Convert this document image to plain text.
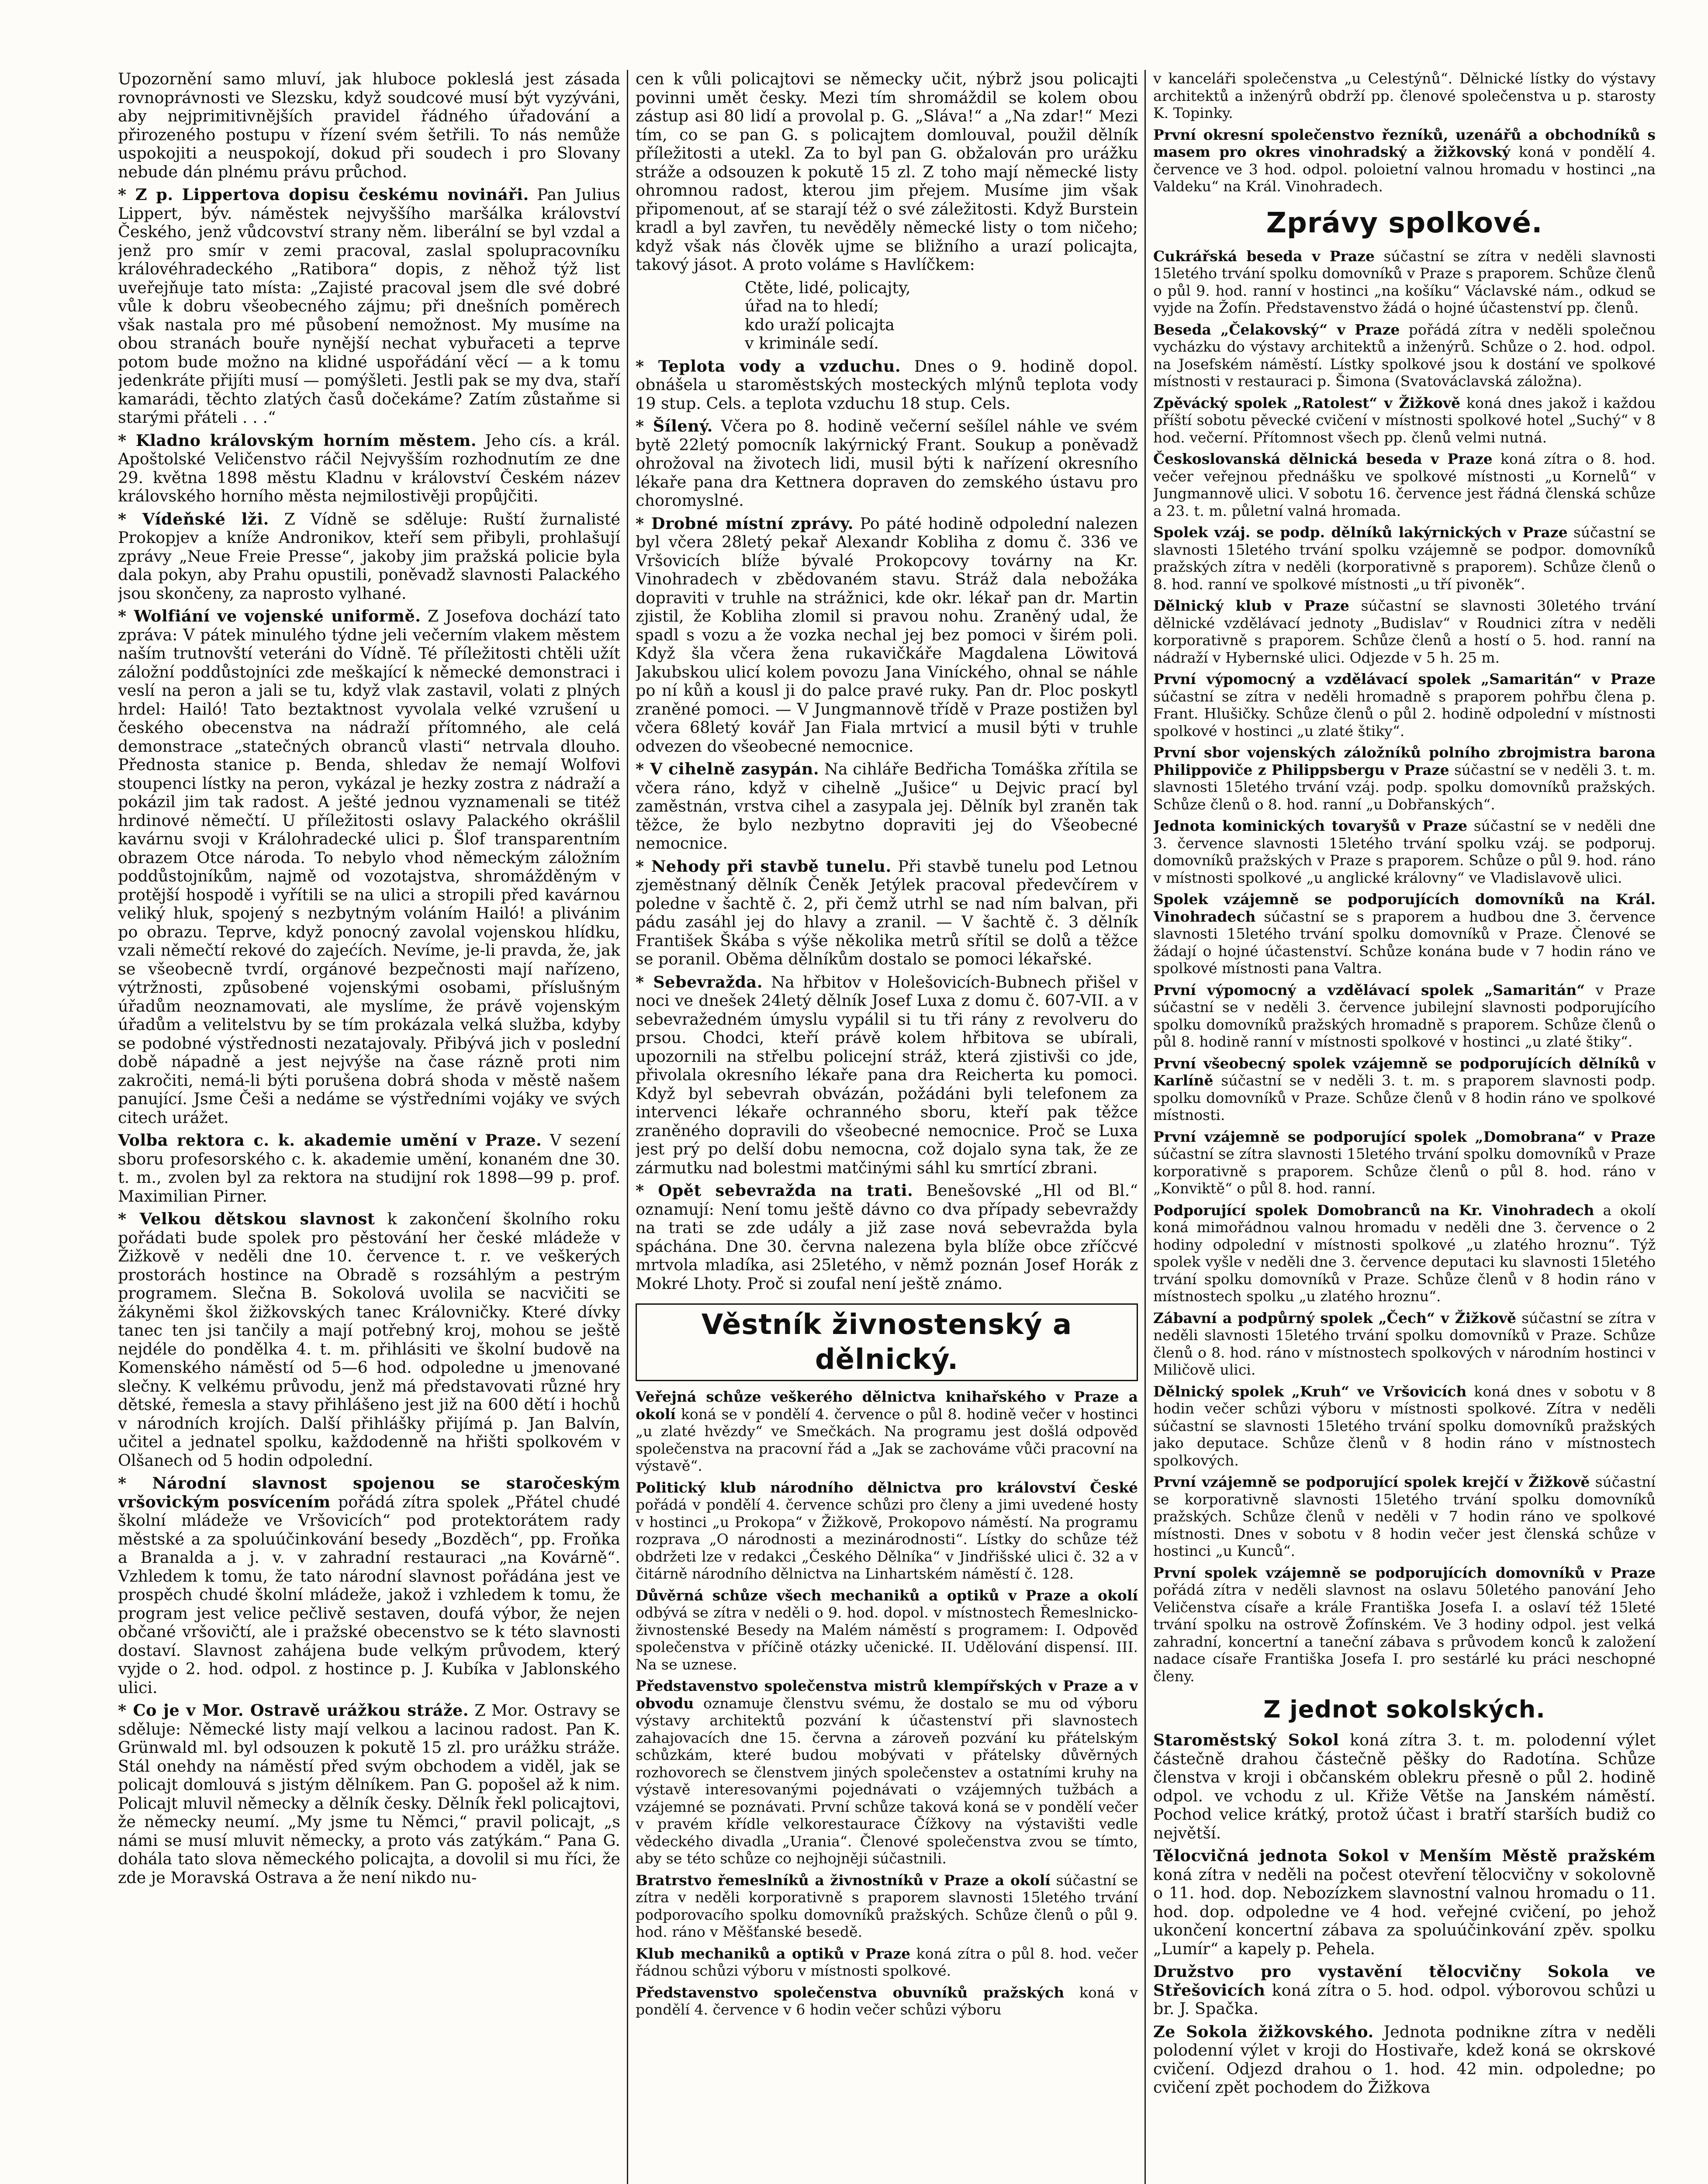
Upozornění samo mluví, jak hluboce pokleslá jest zásada rovnoprávnosti ve Slezsku, když soudcové musí být vyzýváni, aby nejprimitivnějších pravidel řádného úřadování a přirozeného postupu v řízení svém šetřili. To nás nemůže uspokojiti a neuspokojí, dokud při soudech i pro Slovany nebude dán plnému právu průchod.

* Z p. Lippertova dopisu českému novináři. Pan Julius Lippert, býv. náměstek nejvyššího maršálka království Českého, jenž vůdcovství strany něm. liberální se byl vzdal a jenž pro smír v zemi pracoval, zaslal spolupracovníku královéhradeckého „Ratibora“ dopis, z něhož týž list uveřejňuje tato místa: „Zajisté pracoval jsem dle své dobré vůle k dobru všeobecného zájmu; při dnešních poměrech však nastala pro mé působení nemožnost. My musíme na obou stranách bouře nynější nechat vybuřaceti a teprve potom bude možno na klidné uspořádání věcí — a k tomu jedenkráte přijíti musí — pomýšleti. Jestli pak se my dva, staří kamarádi, těchto zlatých časů dočekáme? Zatím zůstaňme si starými přáteli . . .“

* Kladno královským horním městem. Jeho cís. a král. Apoštolské Veličenstvo ráčil Nejvyšším rozhodnutím ze dne 29. května 1898 městu Kladnu v království Českém název královského horního města nejmilostivěji propůjčiti.

* Vídeňské lži. Z Vídně se sděluje: Ruští žurnalisté Prokopjev a kníže Andronikov, kteří sem přibyli, prohlašují zprávy „Neue Freie Presse“, jakoby jim pražská policie byla dala pokyn, aby Prahu opustili, poněvadž slavnosti Palackého jsou skončeny, za naprosto vylhané.

* Wolfiání ve vojenské uniformě. Z Josefova dochází tato zpráva: V pátek minulého týdne jeli večerním vlakem městem naším trutnovští veteráni do Vídně. Té příležitosti chtěli užít záložní poddůstojníci zde meškající k německé demonstraci i veslí na peron a jali se tu, když vlak zastavil, volati z plných hrdel: Hailó! Tato beztaktnost vyvolala velké vzrušení u českého obecenstva na nádraží přítomného, ale celá demonstrace „statečných obranců vlasti“ netrvala dlouho. Přednosta stanice p. Benda, shledav že nemají Wolfovi stoupenci lístky na peron, vykázal je hezky zostra z nádraží a pokázil jim tak radost. A ješté jednou vyznamenali se titéž hrdinové němečtí. U příležitosti oslavy Palackého okrášlil kavárnu svoji v Králohradecké ulici p. Šlof transparentním obrazem Otce národa. To nebylo vhod německým záložním poddůstojníkům, najmě od vozotajstva, shromážděným v protější hospodě i vyřítili se na ulici a stropili před kavárnou veliký hluk, spojený s nezbytným voláním Hailó! a plivánim po obrazu. Teprve, když ponocný zavolal vojenskou hlídku, vzali němečtí rekové do zajećích. Nevíme, je-li pravda, že, jak se všeobecně tvrdí, orgánové bezpečnosti mají nařízeno, výtržnosti, způsobené vojenskými osobami, příslušným úřadům neoznamovati, ale myslíme, že právě vojenským úřadům a velitelstvu by se tím prokázala velká služba, kdyby se podobné výstřednosti nezatajovaly. Přibývá jich v poslední době nápadně a jest nejvýše na čase rázně proti nim zakročiti, nemá-li býti porušena dobrá shoda v městě našem panující. Jsme Češi a nedáme se výstředními vojáky ve svých citech urážet.

Volba rektora c. k. akademie umění v Praze. V sezení sboru profesorského c. k. akademie umění, konaném dne 30. t. m., zvolen byl za rektora na studijní rok 1898—99 p. prof. Maximilian Pirner.

* Velkou dětskou slavnost k zakončení školního roku pořádati bude spolek pro pěstování her české mládeže v Žižkově v neděli dne 10. července t. r. ve veškerých prostorách hostince na Obradě s rozsáhlým a pestrým programem. Slečna B. Sokolová uvolila se nacvičiti se žákyněmi škol žižkovských tanec Královničky. Které dívky tanec ten jsi tančily a mají potřebný kroj, mohou se ještě nejdéle do pondělka 4. t. m. přihlásiti ve školní budově na Komenského náměstí od 5—6 hod. odpoledne u jmenované slečny. K velkému průvodu, jenž má představovati různé hry dětské, řemesla a stavy přihlášeno jest již na 600 dětí i hochů v národních krojích. Další přihlášky přijímá p. Jan Balvín, učitel a jednatel spolku, každodenně na hřišti spolkovém v Olšanech od 5 hodin odpolední.

* Národní slavnost spojenou se staročeským vršovickým posvícením pořádá zítra spolek „Přátel chudé školní mládeže ve Vršovicích“ pod protektorátem rady městské a za spoluúčinkování besedy „Bozděch“, pp. Froňka a Branalda a j. v. v zahradní restauraci „na Kovárně“. Vzhledem k tomu, že tato národní slavnost pořádána jest ve prospěch chudé školní mládeže, jakož i vzhledem k tomu, že program jest velice pečlivě sestaven, doufá výbor, že nejen občané vršovičtí, ale i pražské obecenstvo se k této slavnosti dostaví. Slavnost zahájena bude velkým průvodem, který vyjde o 2. hod. odpol. z hostince p. J. Kubíka v Jablonského ulici.

* Co je v Mor. Ostravě urážkou stráže. Z Mor. Ostravy se sděluje: Německé listy mají velkou a lacinou radost. Pan K. Grünwald ml. byl odsouzen k pokutě 15 zl. pro urážku stráže. Stál onehdy na náměstí před svým obchodem a viděl, jak se policajt domlouvá s jistým dělníkem. Pan G. popošel až k nim. Policajt mluvil německy a dělník česky. Dělník řekl policajtovi, že německy neumí. „My jsme tu Němci,“ pravil policajt, „s námi se musí mluvit německy, a proto vás zatýkám.“ Pana G. dohála tato slova německého policajta, a dovolil si mu říci, že zde je Moravská Ostrava a že není nikdo nu-

cen k vůli policajtovi se německy učit, nýbrž jsou policajti povinni umět česky. Mezi tím shromáždil se kolem obou zástup asi 80 lidí a provolal p. G. „Sláva!“ a „Na zdar!“ Mezi tím, co se pan G. s policajtem domlouval, použil dělník příležitosti a utekl. Za to byl pan G. obžalován pro urážku stráže a odsouzen k pokutě 15 zl. Z toho mají německé listy ohromnou radost, kterou jim přejem. Musíme jim však připomenout, ať se starají též o své záležitosti. Když Burstein kradl a byl zavřen, tu nevěděly německé listy o tom ničeho; když však nás člověk ujme se bližního a urazí policajta, takový jásot. A proto voláme s Havlíčkem:

Ctěte, lidé, policajty,
úřad na to hledí;
kdo uraží policajta
v kriminále sedí.

* Teplota vody a vzduchu. Dnes o 9. hodině dopol. obnášela u staroměstských mosteckých mlýnů teplota vody 19 stup. Cels. a teplota vzduchu 18 stup. Cels.

* Šílený. Včera po 8. hodině večerní sešílel náhle ve svém bytě 22letý pomocník lakýrnický Frant. Soukup a poněvadž ohrožoval na životech lidi, musil býti k nařízení okresního lékaře pana dra Kettnera dopraven do zemského ústavu pro choromyslné.

* Drobné místní zprávy. Po páté hodině odpolední nalezen byl včera 28letý pekař Alexandr Kobliha z domu č. 336 ve Vršovicích blíže bývalé Prokopcovy továrny na Kr. Vinohradech v zbědovaném stavu. Stráž dala nebožáka dopraviti v truhle na strážnici, kde okr. lékař pan dr. Martin zjistil, že Kobliha zlomil si pravou nohu. Zraněný udal, že spadl s vozu a že vozka nechal jej bez pomoci v širém poli. Když šla včera žena rukavičkáře Magdalena Löwitová Jakubskou ulicí kolem povozu Jana Viníckého, ohnal se náhle po ní kůň a kousl ji do palce pravé ruky. Pan dr. Ploc poskytl zraněné pomoci. — V Jungmannově třídě v Praze postižen byl včera 68letý kovář Jan Fiala mrtvicí a musil býti v truhle odvezen do všeobecné nemocnice.

* V cihelně zasypán. Na cihláře Bedřicha Tomáška zřítila se včera ráno, když v cihelně „Jušice“ u Dejvic prací byl zaměstnán, vrstva cihel a zasypala jej. Dělník byl zraněn tak těžce, že bylo nezbytno dopraviti jej do Všeobecné nemocnice.

* Nehody při stavbě tunelu. Při stavbě tunelu pod Letnou zjeměstnaný dělník Čeněk Jetýlek pracoval předevčírem v poledne v šachtě č. 2, při čemž utrhl se nad ním balvan, při pádu zasáhl jej do hlavy a zranil. — V šachtě č. 3 dělník František Škába s výše několika metrů sřítil se dolů a těžce se poranil. Oběma dělníkům dostalo se pomoci lékařské.

* Sebevražda. Na hřbitov v Holešovicích-Bubnech přišel v noci ve dnešek 24letý dělník Josef Luxa z domu č. 607-VII. a v sebevražedném úmyslu vypálil si tu tři rány z revolveru do prsou. Chodci, kteří právě kolem hřbitova se ubírali, upozornili na střelbu policejní stráž, která zjistivši co jde, přivolala okresního lékaře pana dra Reicherta ku pomoci. Když byl sebevrah obvázán, požádáni byli telefonem za intervenci lékaře ochranného sboru, kteří pak těžce zraněného dopravili do všeobecné nemocnice. Proč se Luxa jest prý po delší dobu nemocna, což dojalo syna tak, že ze zármutku nad bolestmi matčinými sáhl ku smrtící zbrani.

* Opět sebevražda na trati. Benešovské „Hl od Bl.“ oznamují: Není tomu ještě dávno co dva případy sebevraždy na trati se zde udály a již zase nová sebevražda byla spáchána. Dne 30. června nalezena byla blíže obce zříčcvé mrtvola mladíka, asi 25letého, v němž poznán Josef Horák z Mokré Lhoty. Proč si zoufal není ještě známo.

Věstník živnostenský a dělnický.

Veřejná schůze veškerého dělnictva knihařského v Praze a okolí koná se v pondělí 4. července o půl 8. hodině večer v hostinci „u zlaté hvězdy“ ve Smečkách. Na programu jest došlá odpověď společenstva na pracovní řád a „Jak se zachováme vůči pracovní na výstavě“.

Politický klub národního dělnictva pro království České pořádá v pondělí 4. července schůzi pro členy a jimi uvedené hosty v hostinci „u Prokopa“ v Žižkově, Prokopovo náměstí. Na programu rozprava „O národnosti a mezinárodnosti“. Lístky do schůze též obdržeti lze v redakci „Českého Dělníka“ v Jindřišské ulici č. 32 a v čitárně národního dělnictva na Linhartském náměstí č. 128.

Důvěrná schůze všech mechaniků a optiků v Praze a okolí odbývá se zítra v neděli o 9. hod. dopol. v místnostech Řemeslnicko-živnostenské Besedy na Malém náměstí s programem: I. Odpověď společenstva v příčině otázky učenické. II. Udělování dispensí. III. Na se uznese.

Představenstvo společenstva mistrů klempířských v Praze a v obvodu oznamuje členstvu svému, že dostalo se mu od výboru výstavy architektů pozvání k účastenství při slavnostech zahajovacích dne 15. června a zároveň pozvání ku přátelským schůzkám, které budou mobývati v přátelsky důvěrných rozhovorech se členstvem jiných společenstev a ostatními kruhy na výstavě interesovanými pojednávati o vzájemných tužbách a vzájemné se poznávati. První schůze taková koná se v pondělí večer v pravém křídle velkorestaurace Čížkovy na výstavišti vedle vědeckého divadla „Urania“. Členové společenstva zvou se tímto, aby se této schůze co nejhojněji súčastnili.

Bratrstvo řemeslníků a živnostníků v Praze a okolí súčastní se zítra v neděli korporativně s praporem slavnosti 15letého trvání podporovacího spolku domovníků pražských. Schůze členů o půl 9. hod. ráno v Měšťanské besedě.

Klub mechaniků a optiků v Praze koná zítra o půl 8. hod. večer řádnou schůzi výboru v místnosti spolkové.

Představenstvo společenstva obuvníků pražských koná v pondělí 4. července v 6 hodin večer schůzi výboru

v kanceláři společenstva „u Celestýnů“. Dělnické lístky do výstavy architektů a inženýrů obdrží pp. členové společenstva u p. starosty K. Topinky.

První okresní společenstvo řezníků, uzenářů a obchodníků s masem pro okres vinohradský a žižkovský koná v pondělí 4. července ve 3 hod. odpol. poloietní valnou hromadu v hostinci „na Valdeku“ na Král. Vinohradech.

Zprávy spolkové.

Cukrářská beseda v Praze súčastní se zítra v neděli slavnosti 15letého trvání spolku domovníků v Praze s praporem. Schůze členů o půl 9. hod. ranní v hostinci „na košíku“ Václavské nám., odkud se vyjde na Žofín. Představenstvo žádá o hojné účastenství pp. členů.

Beseda „Čelakovský“ v Praze pořádá zítra v neděli společnou vycházku do výstavy architektů a inženýrů. Schůze o 2. hod. odpol. na Josefském náměstí. Lístky spolkové jsou k dostání ve spolkové místnosti v restauraci p. Šimona (Svatováclavská záložna).

Zpěvácký spolek „Ratolest“ v Žižkově koná dnes jakož i každou příští sobotu pěvecké cvičení v místnosti spolkové hotel „Suchý“ v 8 hod. večerní. Přítomnost všech pp. členů velmi nutná.

Českoslovanská dělnická beseda v Praze koná zítra o 8. hod. večer veřejnou přednášku ve spolkové místnosti „u Kornelů“ v Jungmannově ulici. V sobotu 16. července jest řádná členská schůze a 23. t. m. půletní valná hromada.

Spolek vzáj. se podp. dělníků lakýrnických v Praze súčastní se slavnosti 15letého trvání spolku vzájemně se podpor. domovníků pražských zítra v neděli (korporativně s praporem). Schůze členů o 8. hod. ranní ve spolkové místnosti „u tří pivoněk“.

Dělnický klub v Praze súčastní se slavnosti 30letého trvání dělnické vzdělávací jednoty „Budislav“ v Roudnici zítra v neděli korporativně s praporem. Schůze členů a hostí o 5. hod. ranní na nádraží v Hybernské ulici. Odjezde v 5 h. 25 m.

První výpomocný a vzdělávací spolek „Samaritán“ v Praze súčastní se zítra v neděli hromadně s praporem pohřbu člena p. Frant. Hlušičky. Schůze členů o půl 2. hodině odpolední v místnosti spolkové v hostinci „u zlaté štiky“.

První sbor vojenských záložníků polního zbrojmistra barona Philippoviče z Philippsbergu v Praze súčastní se v neděli 3. t. m. slavnosti 15letého trvání vzáj. podp. spolku domovníků pražských. Schůze členů o 8. hod. ranní „u Dobřanských“.

Jednota kominických tovaryšů v Praze súčastní se v neděli dne 3. července slavnosti 15letého trvání spolku vzáj. se podporuj. domovníků pražských v Praze s praporem. Schůze o půl 9. hod. ráno v místnosti spolkové „u anglické královny“ ve Vladislavově ulici.

Spolek vzájemně se podporujících domovníků na Král. Vinohradech súčastní se s praporem a hudbou dne 3. července slavnosti 15letého trvání spolku domovníků v Praze. Členové se žádají o hojné účastenství. Schůze konána bude v 7 hodin ráno ve spolkové místnosti pana Valtra.

První výpomocný a vzdělávací spolek „Samaritán“ v Praze súčastní se v neděli 3. července jubilejní slavnosti podporujícího spolku domovníků pražských hromadně s praporem. Schůze členů o půl 8. hodině ranní v místnosti spolkové v hostinci „u zlaté štiky“.

První všeobecný spolek vzájemně se podporujících dělníků v Karlíně súčastní se v neděli 3. t. m. s praporem slavnosti podp. spolku domovníků v Praze. Schůze členů v 8 hodin ráno ve spolkové místnosti.

První vzájemně se podporující spolek „Domobrana“ v Praze súčastní se zítra slavnosti 15letého trvání spolku domovníků v Praze korporativně s praporem. Schůze členů o půl 8. hod. ráno v „Konviktě“ o půl 8. hod. ranní.

Podporující spolek Domobranců na Kr. Vinohradech a okolí koná mimořádnou valnou hromadu v neděli dne 3. července o 2 hodiny odpolední v místnosti spolkové „u zlatého hroznu“. Týž spolek vyšle v neděli dne 3. července deputaci ku slavnosti 15letého trvání spolku domovníků v Praze. Schůze členů v 8 hodin ráno v místnostech spolku „u zlatého hroznu“.

Zábavní a podpůrný spolek „Čech“ v Žižkově súčastní se zítra v neděli slavnosti 15letého trvání spolku domovníků v Praze. Schůze členů o 8. hod. ráno v místnostech spolkových v národním hostinci v Miličově ulici.

Dělnický spolek „Kruh“ ve Vršovicích koná dnes v sobotu v 8 hodin večer schůzi výboru v místnosti spolkové. Zítra v neděli súčastní se slavnosti 15letého trvání spolku domovníků pražských jako deputace. Schůze členů v 8 hodin ráno v místnostech spolkových.

První vzájemně se podporující spolek krejčí v Žižkově súčastní se korporativně slavnosti 15letého trvání spolku domovníků pražských. Schůze členů v neděli v 7 hodin ráno ve spolkové místnosti. Dnes v sobotu v 8 hodin večer jest členská schůze v hostinci „u Kunců“.

První spolek vzájemně se podporujících domovníků v Praze pořádá zítra v neděli slavnost na oslavu 50letého panování Jeho Veličenstva císaře a krále Františka Josefa I. a oslaví též 15leté trvání spolku na ostrově Žofínském. Ve 3 hodiny odpol. jest velká zahradní, koncertní a taneční zábava s průvodem konců k založení nadace císaře Františka Josefa I. pro sestárlé ku práci neschopné členy.

Z jednot sokolských.

Staroměstský Sokol koná zítra 3. t. m. polodenní výlet částečně drahou částečně pěšky do Radotína. Schůze členstva v kroji i občanském oblekru přesně o půl 2. hodině odpol. ve vchodu z ul. Křiže Větše na Janském náměstí. Pochod velice krátký, protož účast i bratří starších budiž co největší.

Tělocvičná jednota Sokol v Menším Městě pražském koná zítra v neděli na počest otevření tělocvičny v sokolovně o 11. hod. dop. Nebozízkem slavnostní valnou hromadu o 11. hod. dop. odpoledne ve 4 hod. veřejné cvičení, po jehož ukončení koncertní zábava za spoluúčinkování zpěv. spolku „Lumír“ a kapely p. Pehela.

Družstvo pro vystavění tělocvičny Sokola ve Střešovicích koná zítra o 5. hod. odpol. výborovou schůzi u br. J. Spačka.

Ze Sokola žižkovského. Jednota podnikne zítra v neděli polodenní výlet v kroji do Hostivaře, kdež koná se okrskové cvičení. Odjezd drahou o 1. hod. 42 min. odpoledne; po cvičení zpět pochodem do Žižkova
